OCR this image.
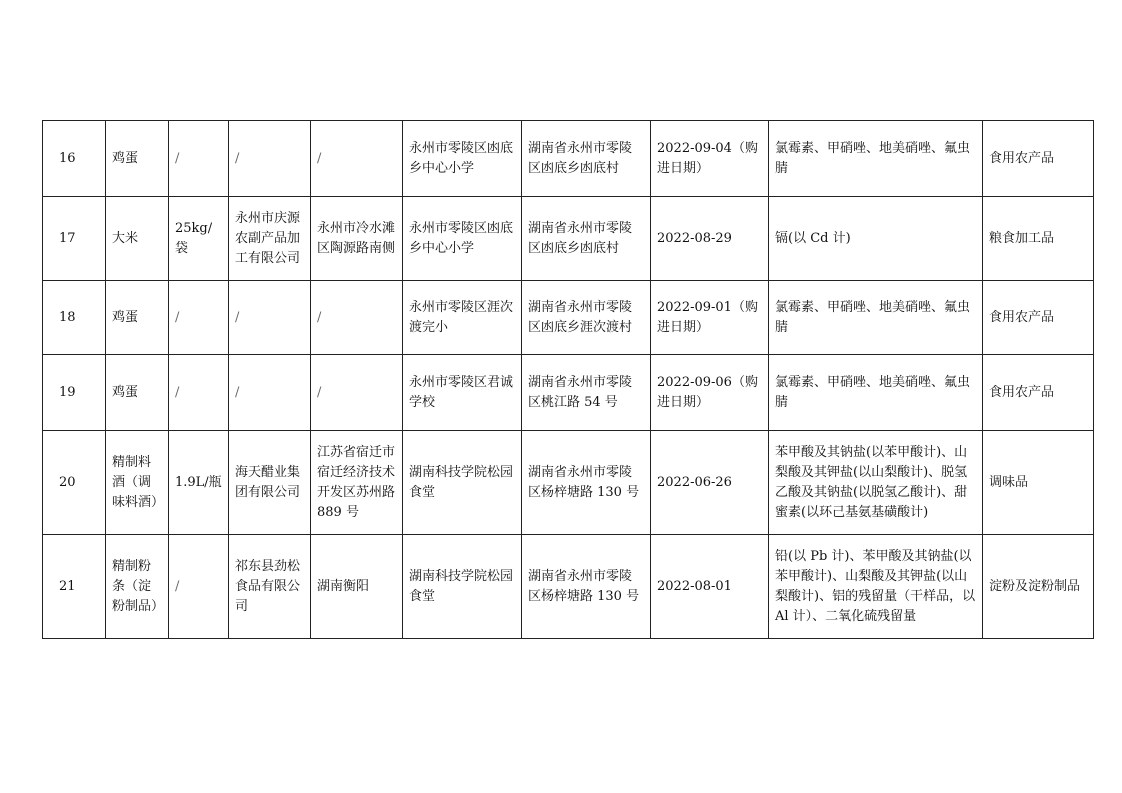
16	鸡蛋	/	/	/	永州市零陵区凼底乡中心小学	湖南省永州市零陵区凼底乡凼底村	2022-09-04（购进日期）	氯霉素、甲硝唑、地美硝唑、氟虫腈	食用农产品
17	大米	25kg/袋	永州市庆源农副产品加工有限公司	永州市冷水滩区陶源路南侧	永州市零陵区凼底乡中心小学	湖南省永州市零陵区凼底乡凼底村	2022-08-29	镉(以 Cd 计)	粮食加工品
18	鸡蛋	/	/	/	永州市零陵区涯次渡完小	湖南省永州市零陵区凼底乡涯次渡村	2022-09-01（购进日期）	氯霉素、甲硝唑、地美硝唑、氟虫腈	食用农产品
19	鸡蛋	/	/	/	永州市零陵区君诚学校	湖南省永州市零陵区桃江路 54 号	2022-09-06（购进日期）	氯霉素、甲硝唑、地美硝唑、氟虫腈	食用农产品
20	精制料酒（调味料酒）	1.9L/瓶	海天醋业集团有限公司	江苏省宿迁市宿迁经济技术开发区苏州路 889 号	湖南科技学院松园食堂	湖南省永州市零陵区杨梓塘路 130 号	2022-06-26	苯甲酸及其钠盐(以苯甲酸计)、山梨酸及其钾盐(以山梨酸计)、脱氢乙酸及其钠盐(以脱氢乙酸计)、甜蜜素(以环己基氨基磺酸计)	调味品
21	精制粉条（淀粉制品）	/	祁东县劲松食品有限公司	湖南衡阳	湖南科技学院松园食堂	湖南省永州市零陵区杨梓塘路 130 号	2022-08-01	铅(以 Pb 计)、苯甲酸及其钠盐(以苯甲酸计)、山梨酸及其钾盐(以山梨酸计)、铝的残留量（干样品，以 Al 计）、二氧化硫残留量	淀粉及淀粉制品
